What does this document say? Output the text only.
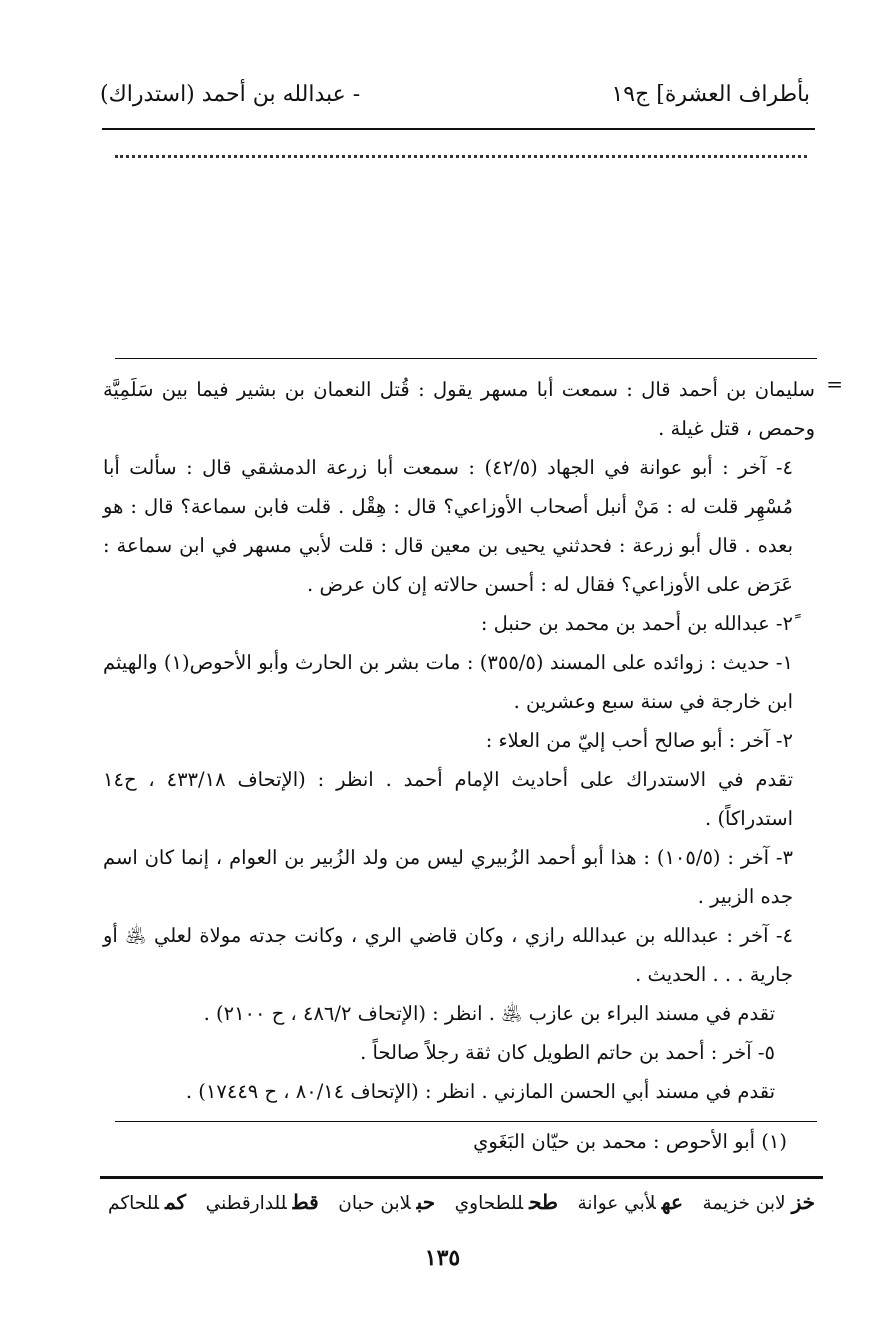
بأطراف العشرة] ج١٩
- عبدالله بن أحمد (استدراك)
=

سليمان بن أحمد قال : سمعت أبا مسهر يقول : قُتل النعمان بن بشير فيما بين سَلَمِيَّة وحمص ، قتل غيلة .

٤- آخر : أبو عوانة في الجهاد (٤٢/٥) : سمعت أبا زرعة الدمشقي قال : سألت أبا مُسْهِر قلت له : مَنْ أنبل أصحاب الأوزاعي؟ قال : هِقْل . قلت فابن سماعة؟ قال : هو بعده . قال أبو زرعة : فحدثني يحيى بن معين قال : قلت لأبي مسهر في ابن سماعة : عَرَض على الأوزاعي؟ فقال له : أحسن حالاته إن كان عرض .

٢ً- عبدالله بن أحمد بن محمد بن حنبل :

١- حديث : زوائده على المسند (٣٥٥/٥) : مات بشر بن الحارث وأبو الأحوص(١) والهيثم ابن خارجة في سنة سبع وعشرين .

٢- آخر : أبو صالح أحب إليّ من العلاء :

تقدم في الاستدراك على أحاديث الإمام أحمد . انظر : (الإتحاف ٤٣٣/١٨ ، ح١٤ استدراكاً) .

٣- آخر : (١٠٥/٥) : هذا أبو أحمد الزُبيري ليس من ولد الزُبير بن العوام ، إنما كان اسم جده الزبير .

٤- آخر : عبدالله بن عبدالله رازي ، وكان قاضي الري ، وكانت جدته مولاة لعلي ﵁ أو جارية . . . الحديث .

تقدم في مسند البراء بن عازب ﵁ . انظر : (الإتحاف ٤٨٦/٢ ، ح ٢١٠٠) .

٥- آخر : أحمد بن حاتم الطويل كان ثقة رجلاً صالحاً .

تقدم في مسند أبي الحسن المازني . انظر : (الإتحاف ٨٠/١٤ ، ح ١٧٤٤٩) .

(١) أبو الأحوص : محمد بن حيّان البَغَوي
خزلابن خزيمة
عهلأبي عوانة
طحللطحاوي
حبلابن حبان
قطللدارقطني
كمللحاكم
١٣٥
